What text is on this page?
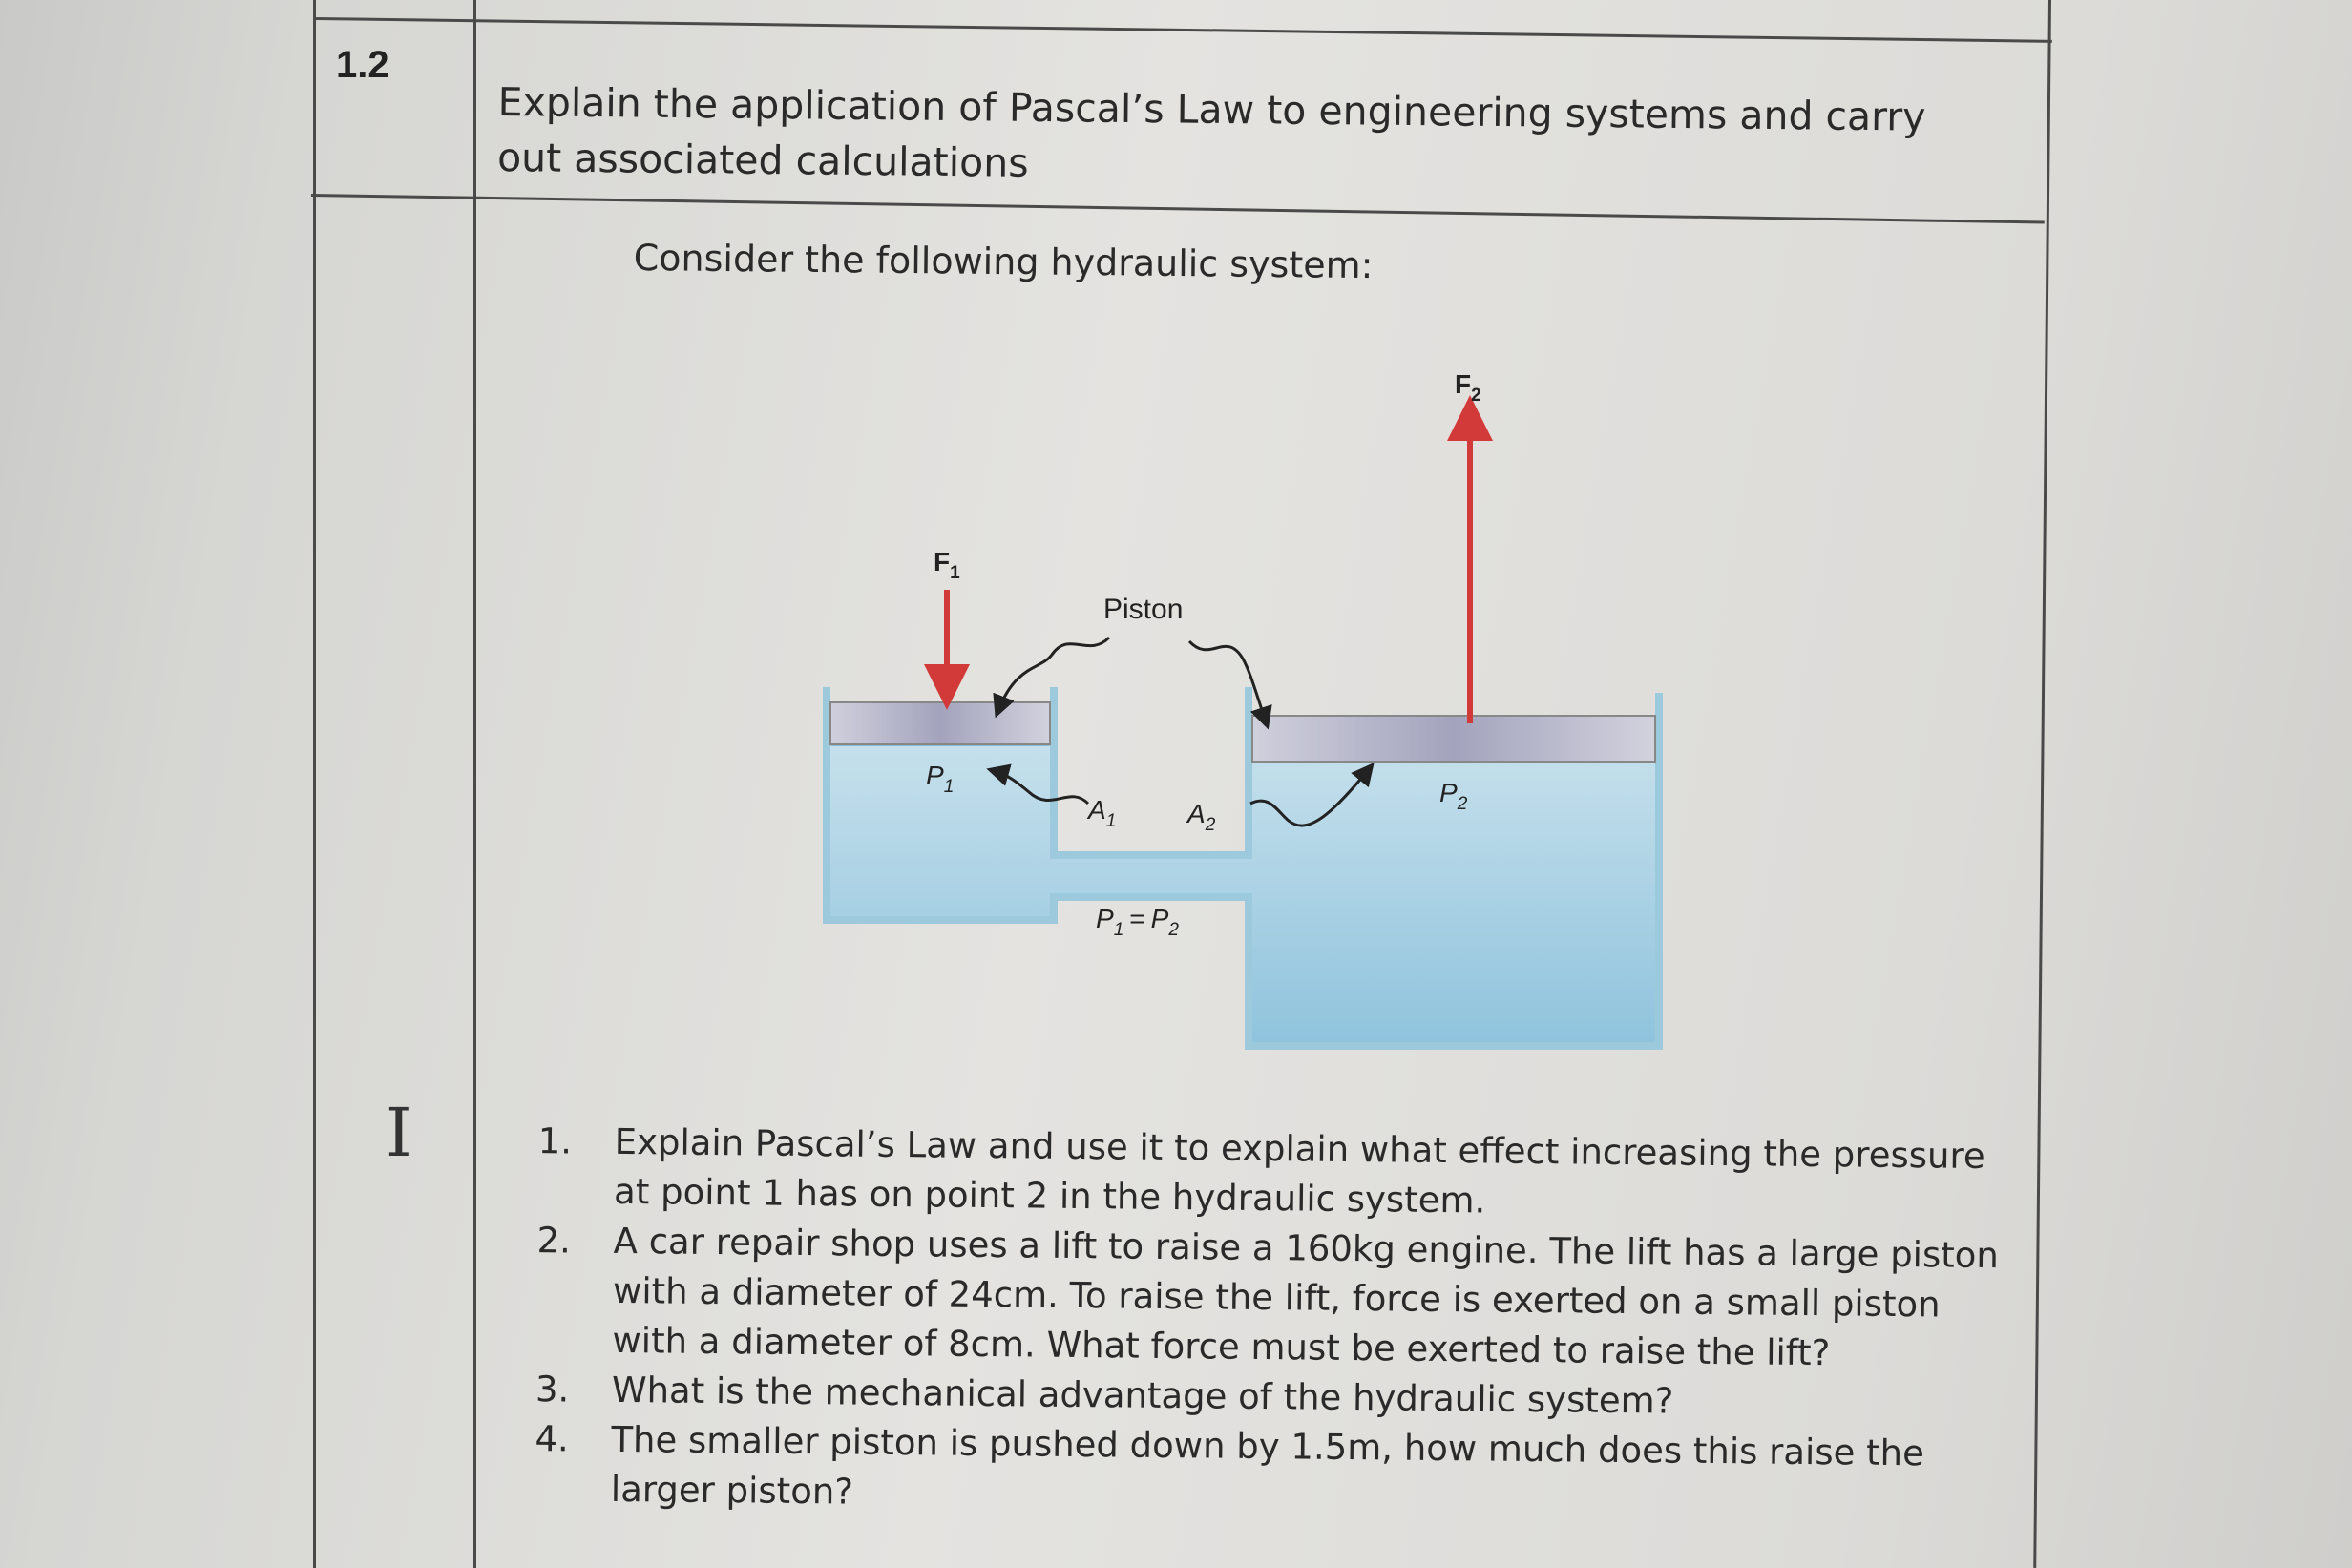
1.2
Explain the application of Pascal’s Law to engineering systems and carry out associated calculations
Consider the following hydraulic system:
I
$F_1$
$F_2$
Piston
$P_1$	$P_2$
$A_1$	$A_2$
$P_1 = P_2$
1.	Explain Pascal’s Law and use it to explain what effect increasing the pressure at point 1 has on point 2 in the hydraulic system.
2.	A car repair shop uses a lift to raise a 160kg engine. The lift has a large piston with a diameter of 24cm. To raise the lift, force is exerted on a small piston with a diameter of 8cm. What force must be exerted to raise the lift?
3.	What is the mechanical advantage of the hydraulic system?
4.	The smaller piston is pushed down by 1.5m, how much does this raise the larger piston?
